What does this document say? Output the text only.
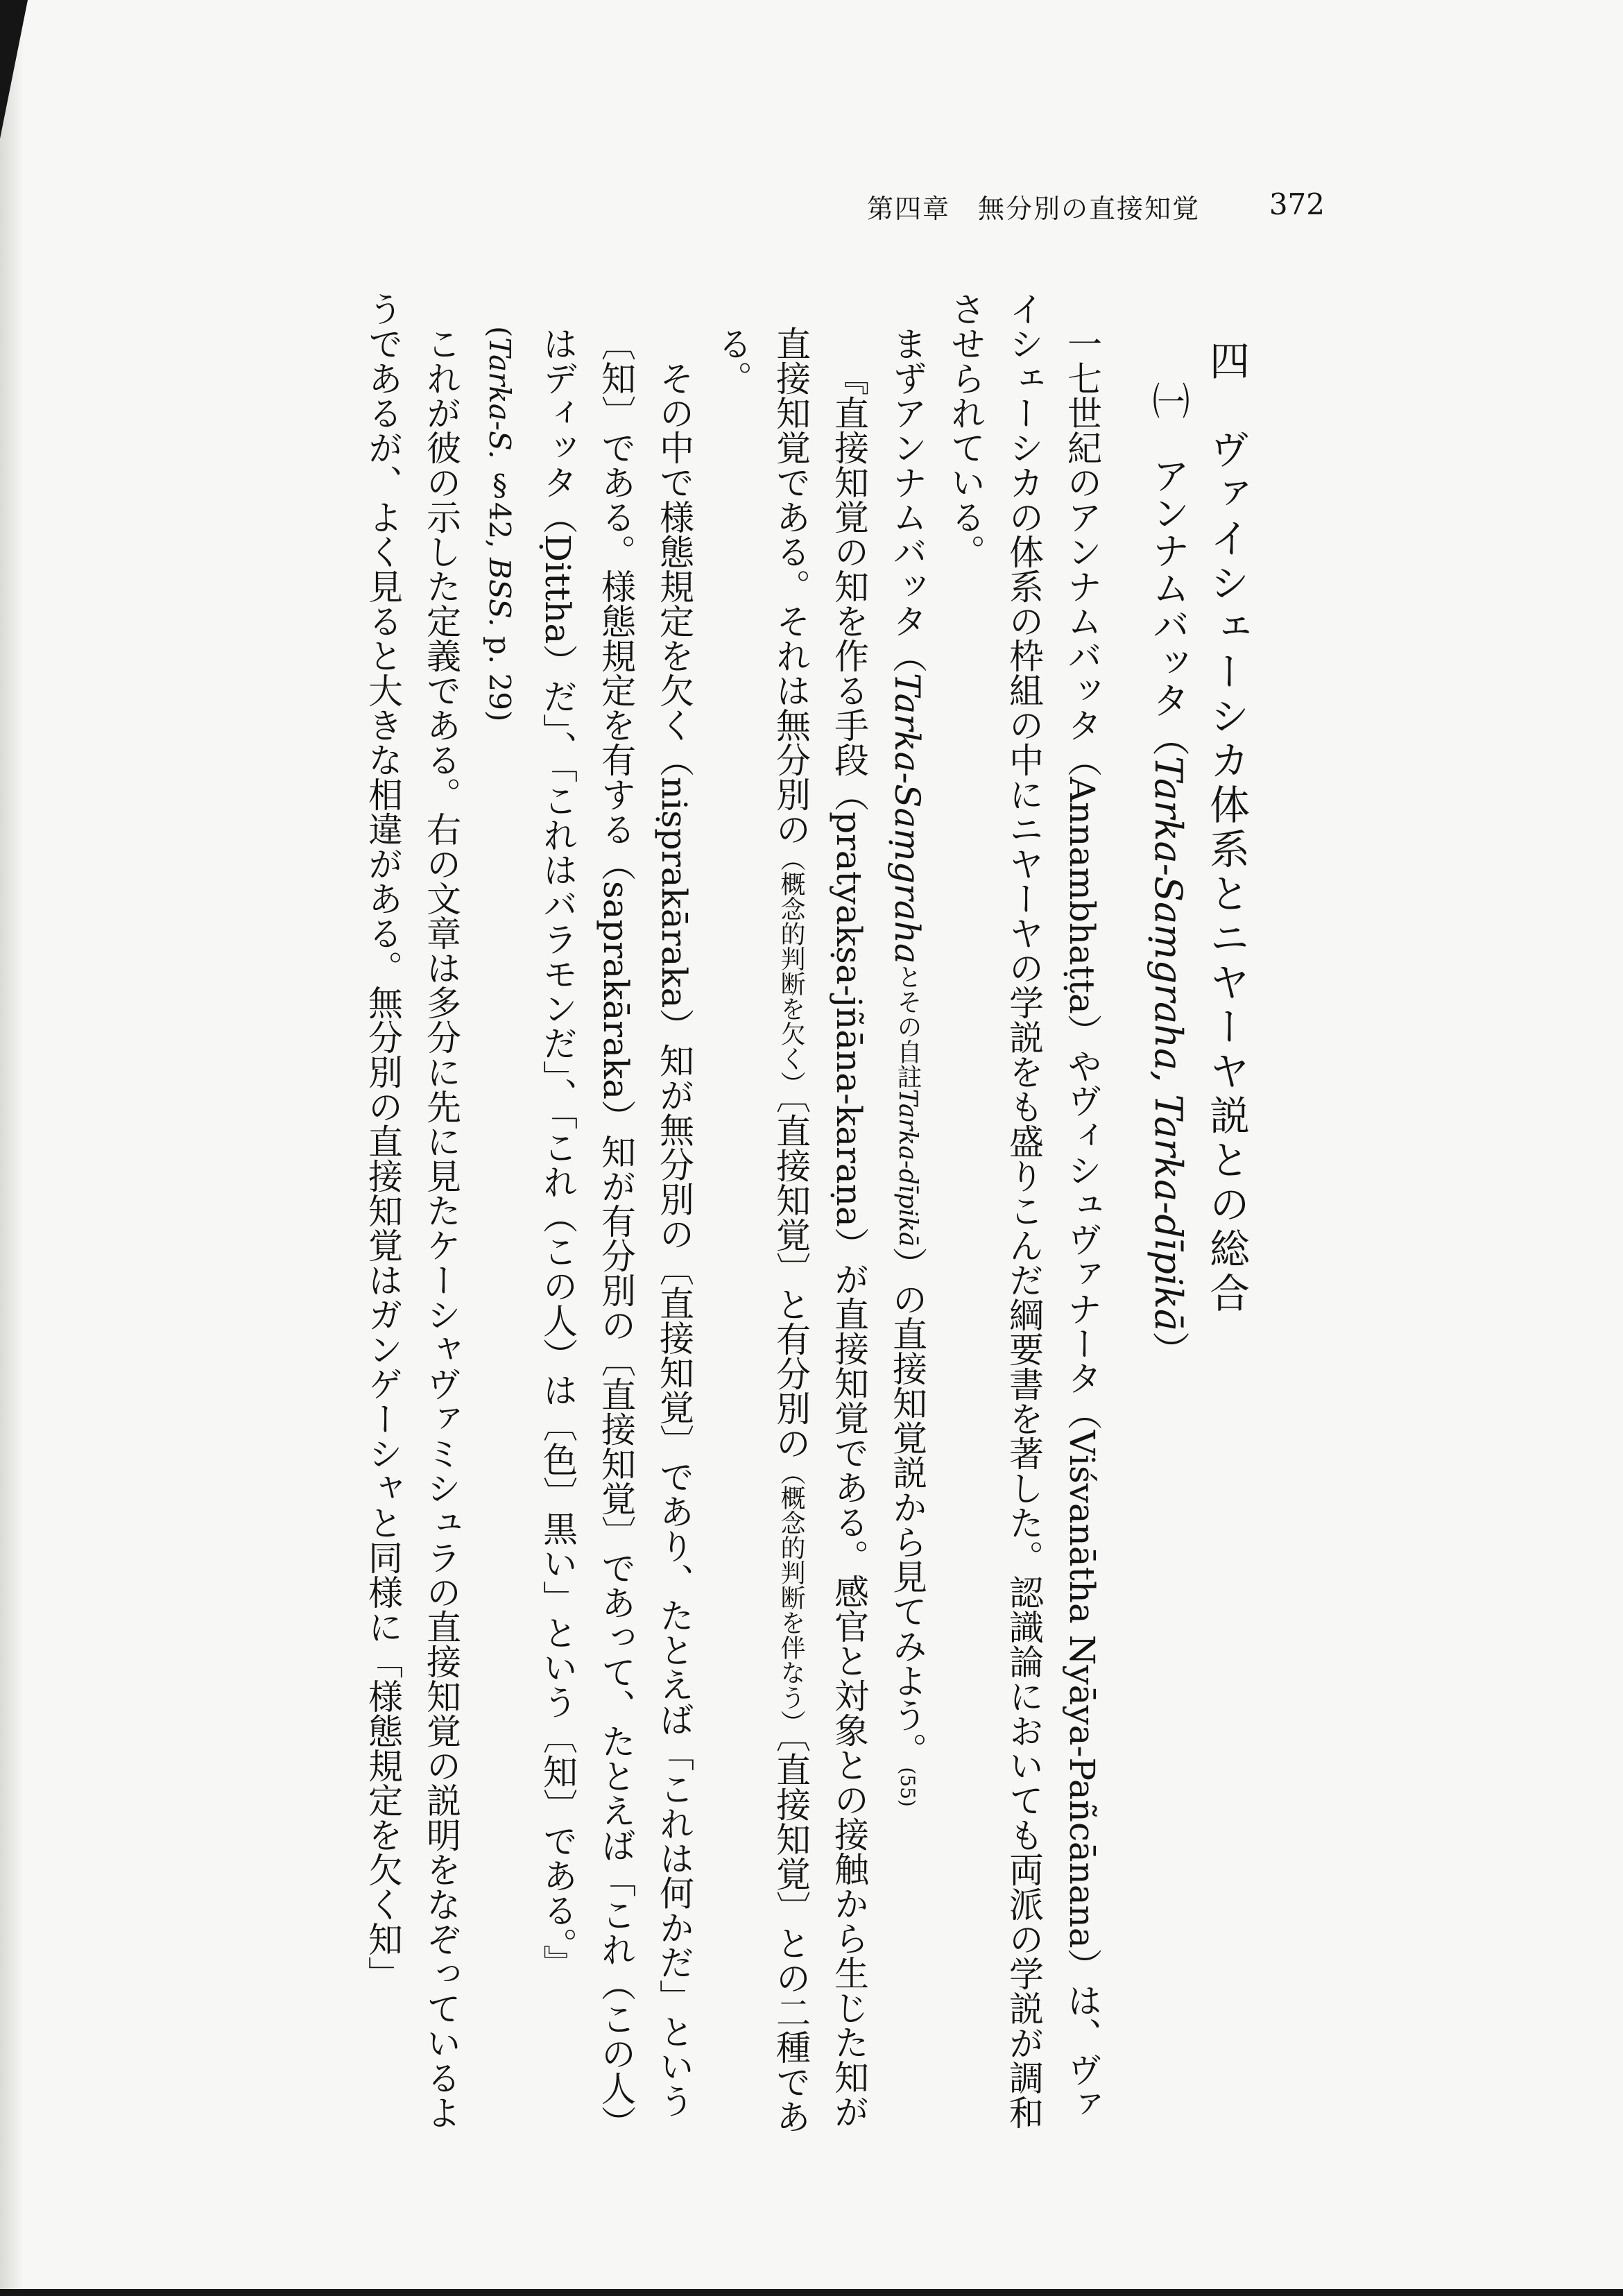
第四章　無分別の直接知覚 372

四　ヴァイシェーシカ体系とニヤーヤ説との総合

㈠　アンナムバッタ（Tarka-Saṃgraha, Tarka-dīpikā）

一七世紀のアンナムバッタ（Annambhaṭṭa）やヴィシュヴァナータ（Viśvanātha Nyāya-Pañcānana）は、ヴァイシェーシカの体系の枠組の中にニヤーヤの学説をも盛りこんだ綱要書を著した。認識論においても両派の学説が調和させられている。

まずアンナムバッタ（Tarka-Saṃgrahaとその自註Tarka-dīpikā）の直接知覚説から見てみよう。(55)

『直接知覚の知を作る手段（pratyakṣa-jñāna-karaṇa）が直接知覚である。感官と対象との接触から生じた知が直接知覚である。それは無分別の（概念的判断を欠く）〔直接知覚〕と有分別の（概念的判断を伴なう）〔直接知覚〕との二種である。

その中で様態規定を欠く（niṣprakāraka）知が無分別の〔直接知覚〕であり、たとえば「これは何かだ」という〔知〕である。様態規定を有する（saprakāraka）知が有分別の〔直接知覚〕であって、たとえば「これ（この人）はディッタ（Ḍittha）だ」、「これはバラモンだ」、「これ（この人）は〔色〕黒い」という〔知〕である。』

(Tarka-S. §42, BSS. p. 29)

これが彼の示した定義である。右の文章は多分に先に見たケーシャヴァミシュラの直接知覚の説明をなぞっているようであるが、よく見ると大きな相違がある。無分別の直接知覚はガンゲーシャと同様に「様態規定を欠く知」
